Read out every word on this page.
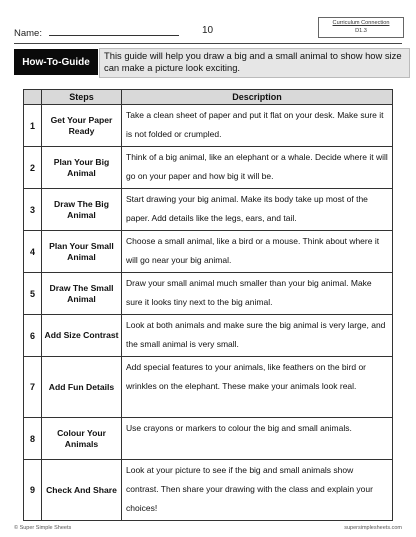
Name:	10
Curriculum Connection
D1.3
How-To-Guide
This guide will help you draw a big and a small animal to show how size can make a picture look exciting.
	Steps	Description
1	Get Your Paper Ready	Take a clean sheet of paper and put it flat on your desk. Make sure it is not folded or crumpled.
2	Plan Your Big Animal	Think of a big animal, like an elephant or a whale. Decide where it will go on your paper and how big it will be.
3	Draw The Big Animal	Start drawing your big animal. Make its body take up most of the paper. Add details like the legs, ears, and tail.
4	Plan Your Small Animal	Choose a small animal, like a bird or a mouse. Think about where it will go near your big animal.
5	Draw The Small Animal	Draw your small animal much smaller than your big animal. Make sure it looks tiny next to the big animal.
6	Add Size Contrast	Look at both animals and make sure the big animal is very large, and the small animal is very small.
7	Add Fun Details	Add special features to your animals, like feathers on the bird or wrinkles on the elephant. These make your animals look real.
8	Colour Your Animals	Use crayons or markers to colour the big and small animals.
9	Check And Share	Look at your picture to see if the big and small animals show contrast. Then share your drawing with the class and explain your choices!
© Super Simple Sheets	supersimplesheets.com
